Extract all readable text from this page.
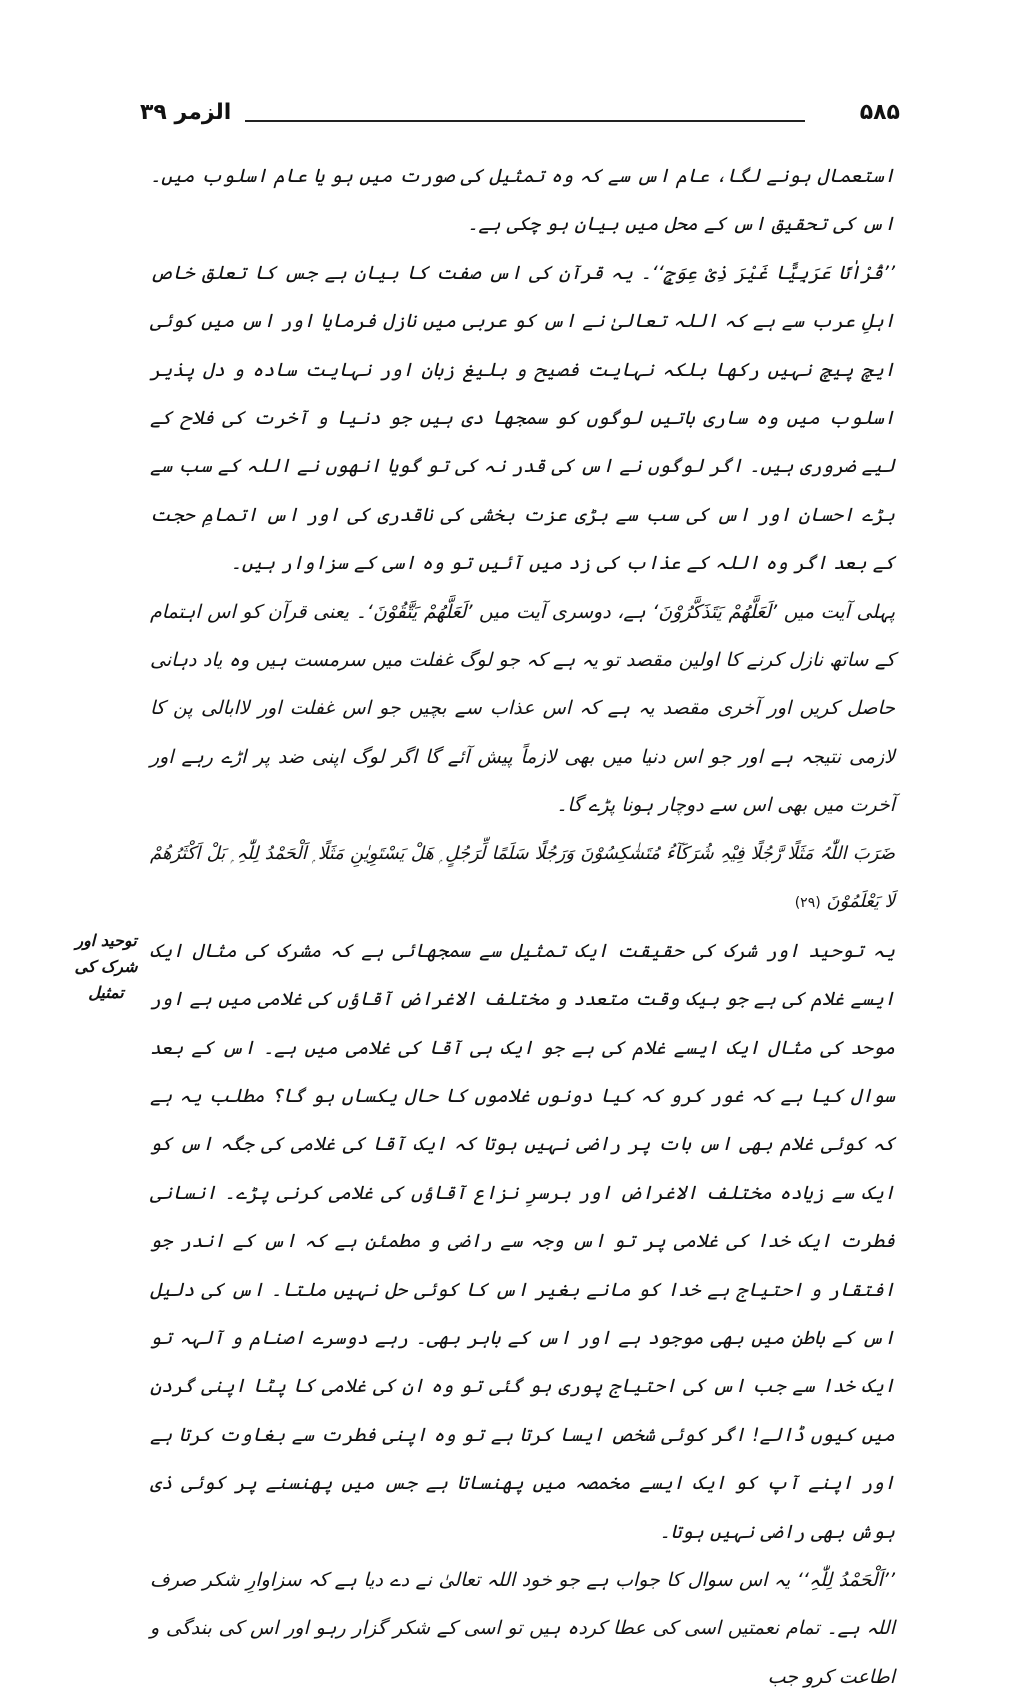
الزمر ۳۹	۵۸۵

استعمال ہونے لگا، عام اس سے کہ وہ تمثیل کی صورت میں ہو یا عام اسلوب میں۔ اس کی تحقیق اس کے محل میں بیان ہو چکی ہے۔

’’قُرْاٰنًا عَرَبِیًّا غَیْرَ ذِیْ عِوَجٍ‘‘۔ یہ قرآن کی اس صفت کا بیان ہے جس کا تعلق خاص اہلِ عرب سے ہے کہ اللہ تعالیٰ نے اس کو عربی میں نازل فرمایا اور اس میں کوئی ایچ پیچ نہیں رکھا بلکہ نہایت فصیح و بلیغ زبان اور نہایت سادہ و دل پذیر اسلوب میں وہ ساری باتیں لوگوں کو سمجھا دی ہیں جو دنیا و آخرت کی فلاح کے لیے ضروری ہیں۔ اگر لوگوں نے اس کی قدر نہ کی تو گویا انھوں نے اللہ کے سب سے بڑے احسان اور اس کی سب سے بڑی عزت بخشی کی ناقدری کی اور اس اتمامِ حجت کے بعد اگر وہ اللہ کے عذاب کی زد میں آئیں تو وہ اسی کے سزاوار ہیں۔

پہلی آیت میں ’لَعَلَّھُمْ یَتَذَکَّرُوْنَ‘ ہے، دوسری آیت میں ’لَعَلَّھُمْ یَتَّقُوْنَ‘۔ یعنی قرآن کو اس اہتمام کے ساتھ نازل کرنے کا اولین مقصد تو یہ ہے کہ جو لوگ غفلت میں سرمست ہیں وہ یاد دہانی حاصل کریں اور آخری مقصد یہ ہے کہ اس عذاب سے بچیں جو اس غفلت اور لاابالی پن کا لازمی نتیجہ ہے اور جو اس دنیا میں بھی لازماً پیش آئے گا اگر لوگ اپنی ضد پر اڑے رہے اور آخرت میں بھی اس سے دوچار ہونا پڑے گا۔

ضَرَبَ اللّٰہُ مَثَلًا رَّجُلًا فِیْہِ شُرَکَآءُ مُتَشٰکِسُوْنَ وَرَجُلًا سَلَمًا لِّرَجُلٍ ۭ ھَلْ یَسْتَوِیٰنِ مَثَلًا ۭ اَلْحَمْدُ لِلّٰہِ ۭ بَلْ اَکْثَرُھُمْ لَا یَعْلَمُوْنَ (۲۹)

یہ توحید اور شرک کی حقیقت ایک تمثیل سے سمجھائی ہے کہ مشرک کی مثال ایک ایسے غلام کی ہے جو بیک وقت متعدد و مختلف الاغراض آقاؤں کی غلامی میں ہے اور موحد کی مثال ایک ایسے غلام کی ہے جو ایک ہی آقا کی غلامی میں ہے۔ اس کے بعد سوال کیا ہے کہ غور کرو کہ کیا دونوں غلاموں کا حال یکساں ہو گا؟ مطلب یہ ہے کہ کوئی غلام بھی اس بات پر راضی نہیں ہوتا کہ ایک آقا کی غلامی کی جگہ اس کو ایک سے زیادہ مختلف الاغراض اور برسرِ نزاع آقاؤں کی غلامی کرنی پڑے۔ انسانی فطرت ایک خدا کی غلامی پر تو اس وجہ سے راضی و مطمئن ہے کہ اس کے اندر جو افتقار و احتیاج ہے خدا کو مانے بغیر اس کا کوئی حل نہیں ملتا۔ اس کی دلیل اس کے باطن میں بھی موجود ہے اور اس کے باہر بھی۔ رہے دوسرے اصنام و آلہہ تو ایک خدا سے جب اس کی احتیاج پوری ہو گئی تو وہ ان کی غلامی کا پٹا اپنی گردن میں کیوں ڈالے! اگر کوئی شخص ایسا کرتا ہے تو وہ اپنی فطرت سے بغاوت کرتا ہے اور اپنے آپ کو ایک ایسے مخمصہ میں پھنساتا ہے جس میں پھنسنے پر کوئی ذی ہوش بھی راضی نہیں ہوتا۔

’’اَلْحَمْدُ لِلّٰہِ‘‘ یہ اس سوال کا جواب ہے جو خود اللہ تعالیٰ نے دے دیا ہے کہ سزاوارِ شکر صرف اللہ ہے۔ تمام نعمتیں اسی کی عطا کردہ ہیں تو اسی کے شکر گزار رہو اور اس کی بندگی و اطاعت کرو جب

توحید اور شرک کی تمثیل
